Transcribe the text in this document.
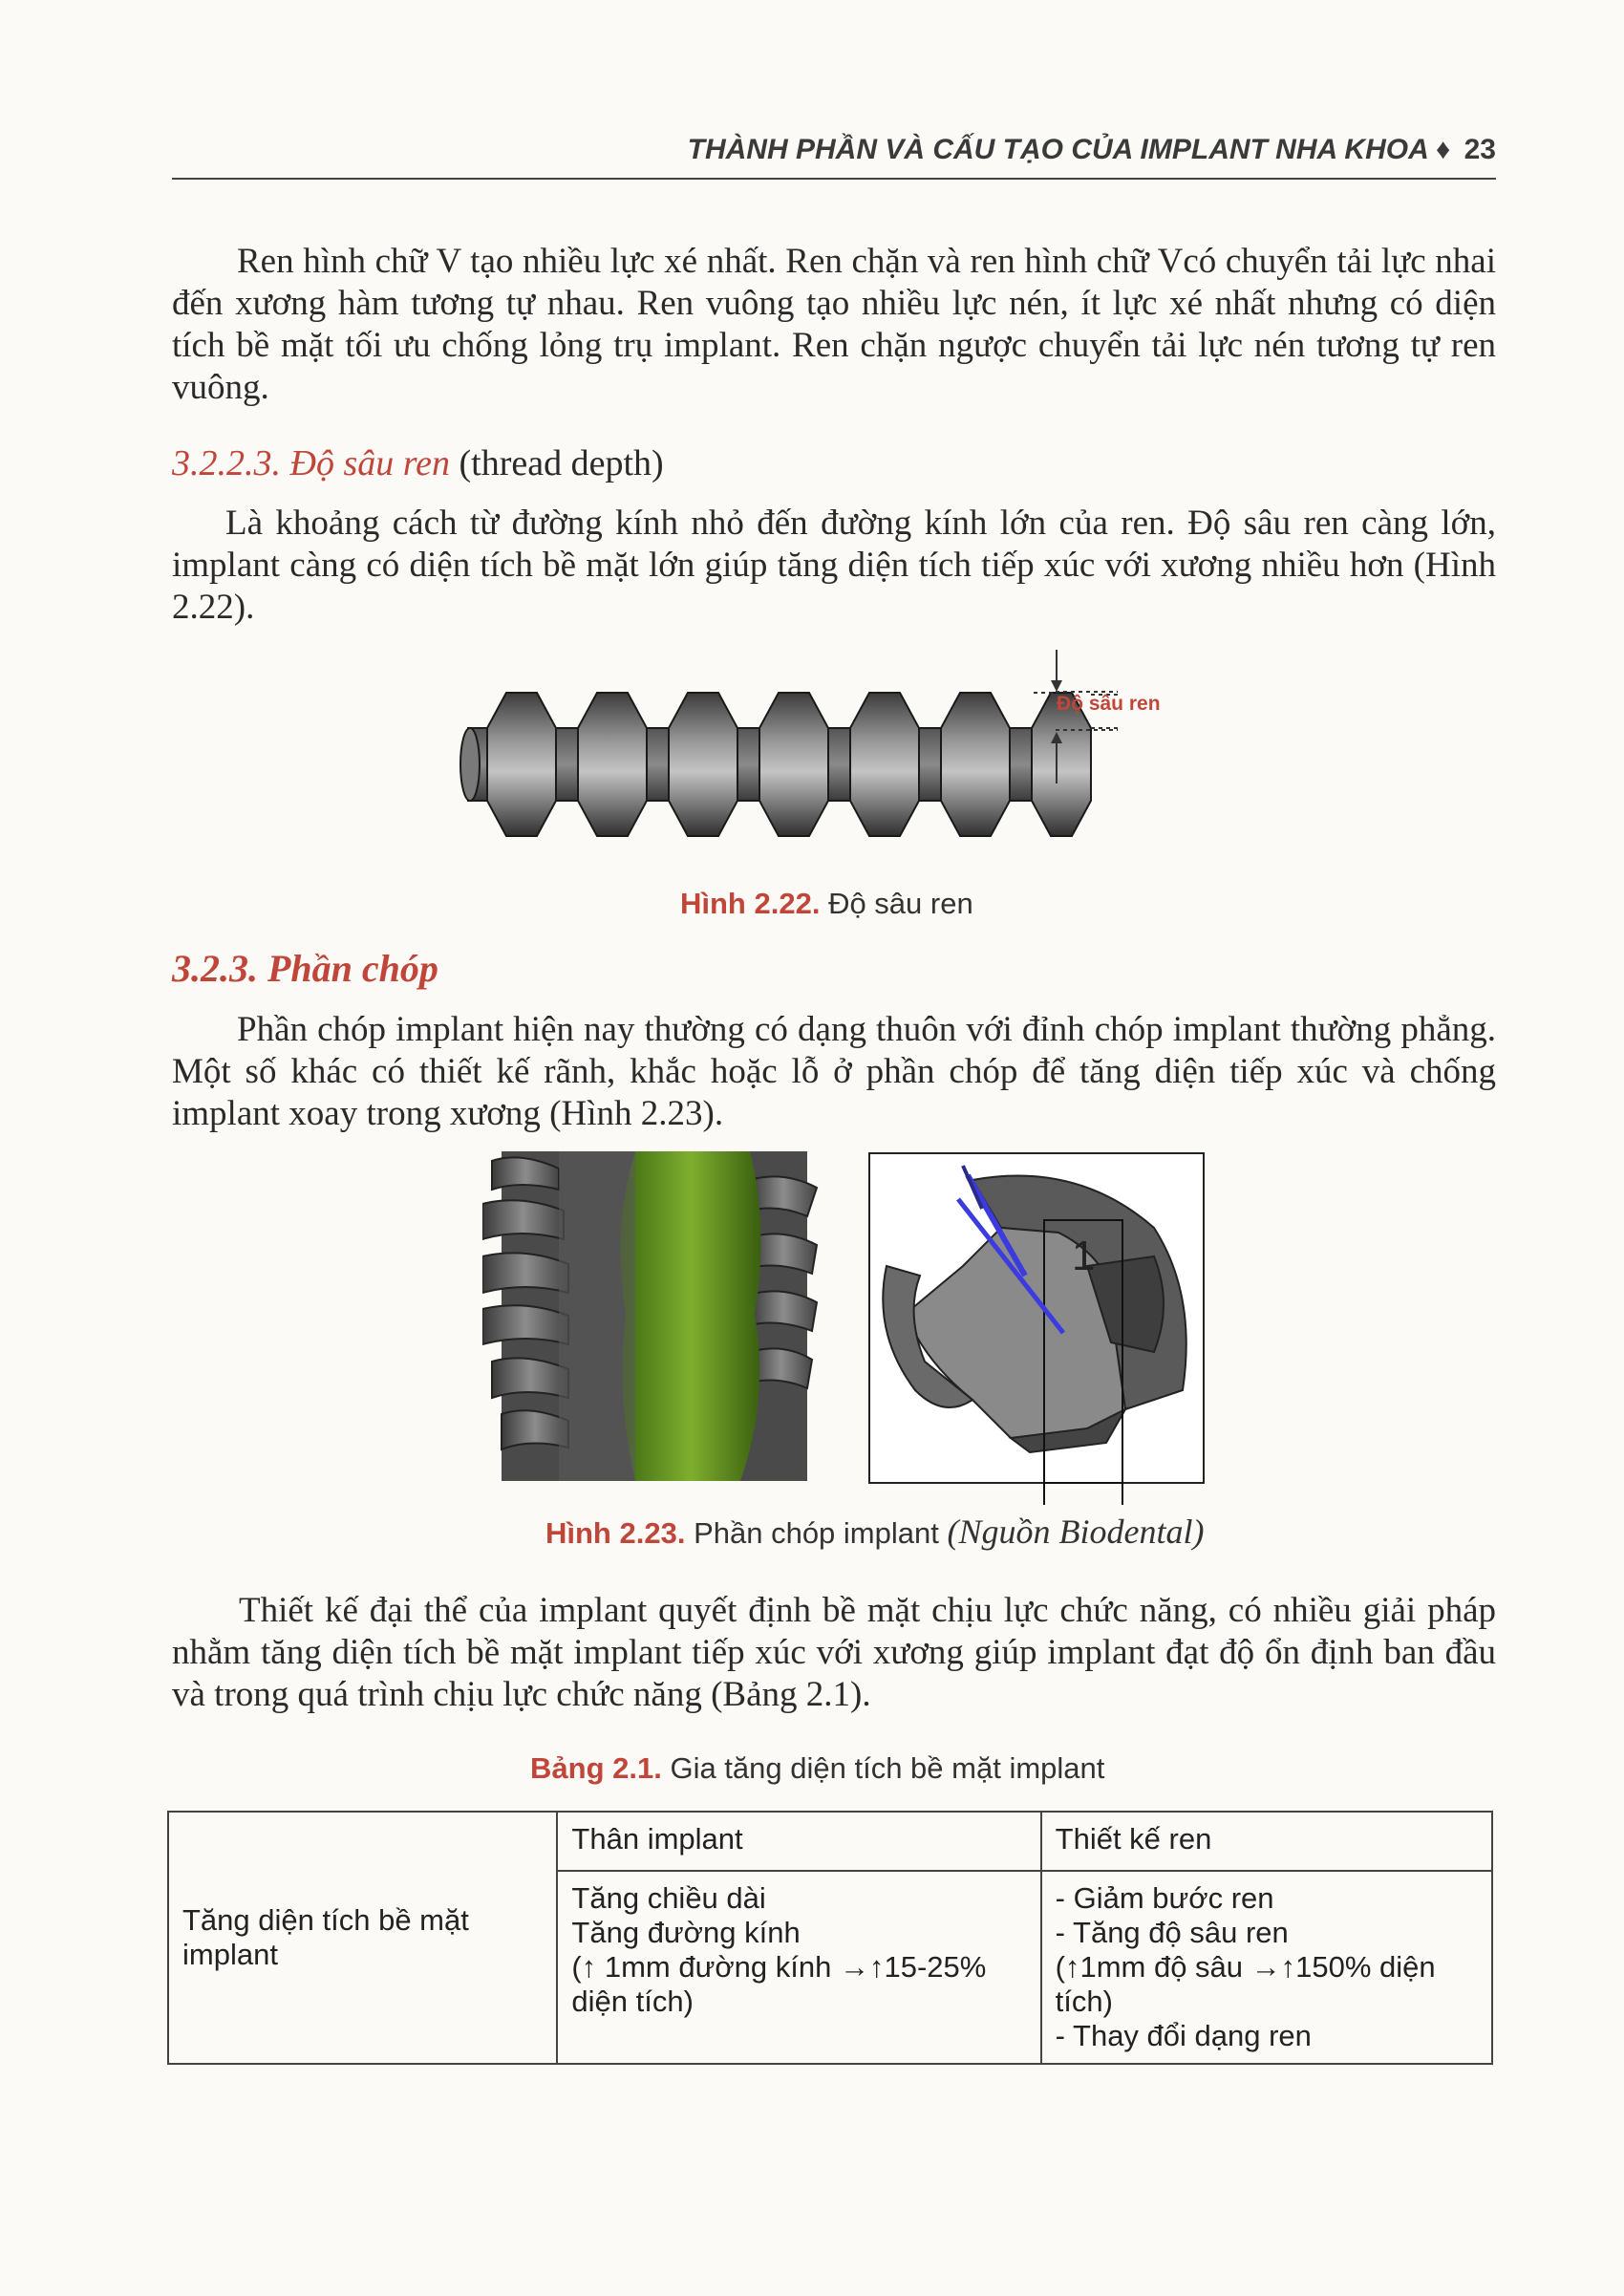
THÀNH PHẦN VÀ CẤU TẠO CỦA IMPLANT NHA KHOA ♦ 23
Ren hình chữ V tạo nhiều lực xé nhất. Ren chặn và ren hình chữ Vcó chuyển tải lực nhai đến xương hàm tương tự nhau. Ren vuông tạo nhiều lực nén, ít lực xé nhất nhưng có diện tích bề mặt tối ưu chống lỏng trụ implant. Ren chặn ngược chuyển tải lực nén tương tự ren vuông.
3.2.2.3. Độ sâu ren (thread depth)
Là khoảng cách từ đường kính nhỏ đến đường kính lớn của ren. Độ sâu ren càng lớn, implant càng có diện tích bề mặt lớn giúp tăng diện tích tiếp xúc với xương nhiều hơn (Hình 2.22).
Độ sâu ren
Hình 2.22. Độ sâu ren
3.2.3. Phần chóp
Phần chóp implant hiện nay thường có dạng thuôn với đỉnh chóp implant thường phẳng. Một số khác có thiết kế rãnh, khắc hoặc lỗ ở phần chóp để tăng diện tiếp xúc và chống implant xoay trong xương (Hình 2.23).
1
Hình 2.23. Phần chóp implant (Nguồn Biodental)
Thiết kế đại thể của implant quyết định bề mặt chịu lực chức năng, có nhiều giải pháp nhằm tăng diện tích bề mặt implant tiếp xúc với xương giúp implant đạt độ ổn định ban đầu và trong quá trình chịu lực chức năng (Bảng 2.1).
Bảng 2.1. Gia tăng diện tích bề mặt implant
Tăng diện tích bề mặt implant	Thân implant	Thiết kế ren

	Tăng chiều dài
Tăng đường kính
(↑ 1mm đường kính →↑15-25%
diện tích)	- Giảm bước ren
- Tăng độ sâu ren
(↑1mm độ sâu →↑150% diện
tích)
- Thay đổi dạng ren
